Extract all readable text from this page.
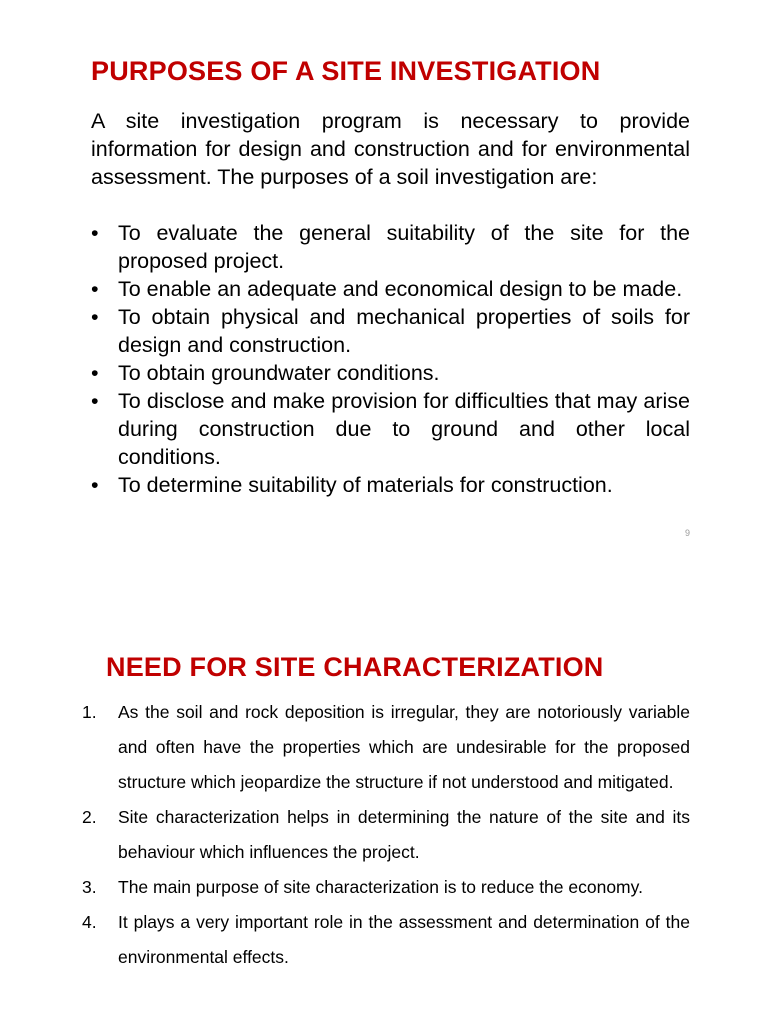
PURPOSES OF A SITE INVESTIGATION

A site investigation program is necessary to provide information for design and construction and for environmental assessment. The purposes of a soil investigation are:

• To evaluate the general suitability of the site for the proposed project.
• To enable an adequate and economical design to be made.
• To obtain physical and mechanical properties of soils for design and construction.
• To obtain groundwater conditions.
• To disclose and make provision for difficulties that may arise during construction due to ground and other local conditions.
• To determine suitability of materials for construction.
9
NEED FOR SITE CHARACTERIZATION
1. As the soil and rock deposition is irregular, they are notoriously variable and often have the properties which are undesirable for the proposed structure which jeopardize the structure if not understood and mitigated.
2. Site characterization helps in determining the nature of the site and its behaviour which influences the project.
3. The main purpose of site characterization is to reduce the economy.
4. It plays a very important role in the assessment and determination of the environmental effects.
